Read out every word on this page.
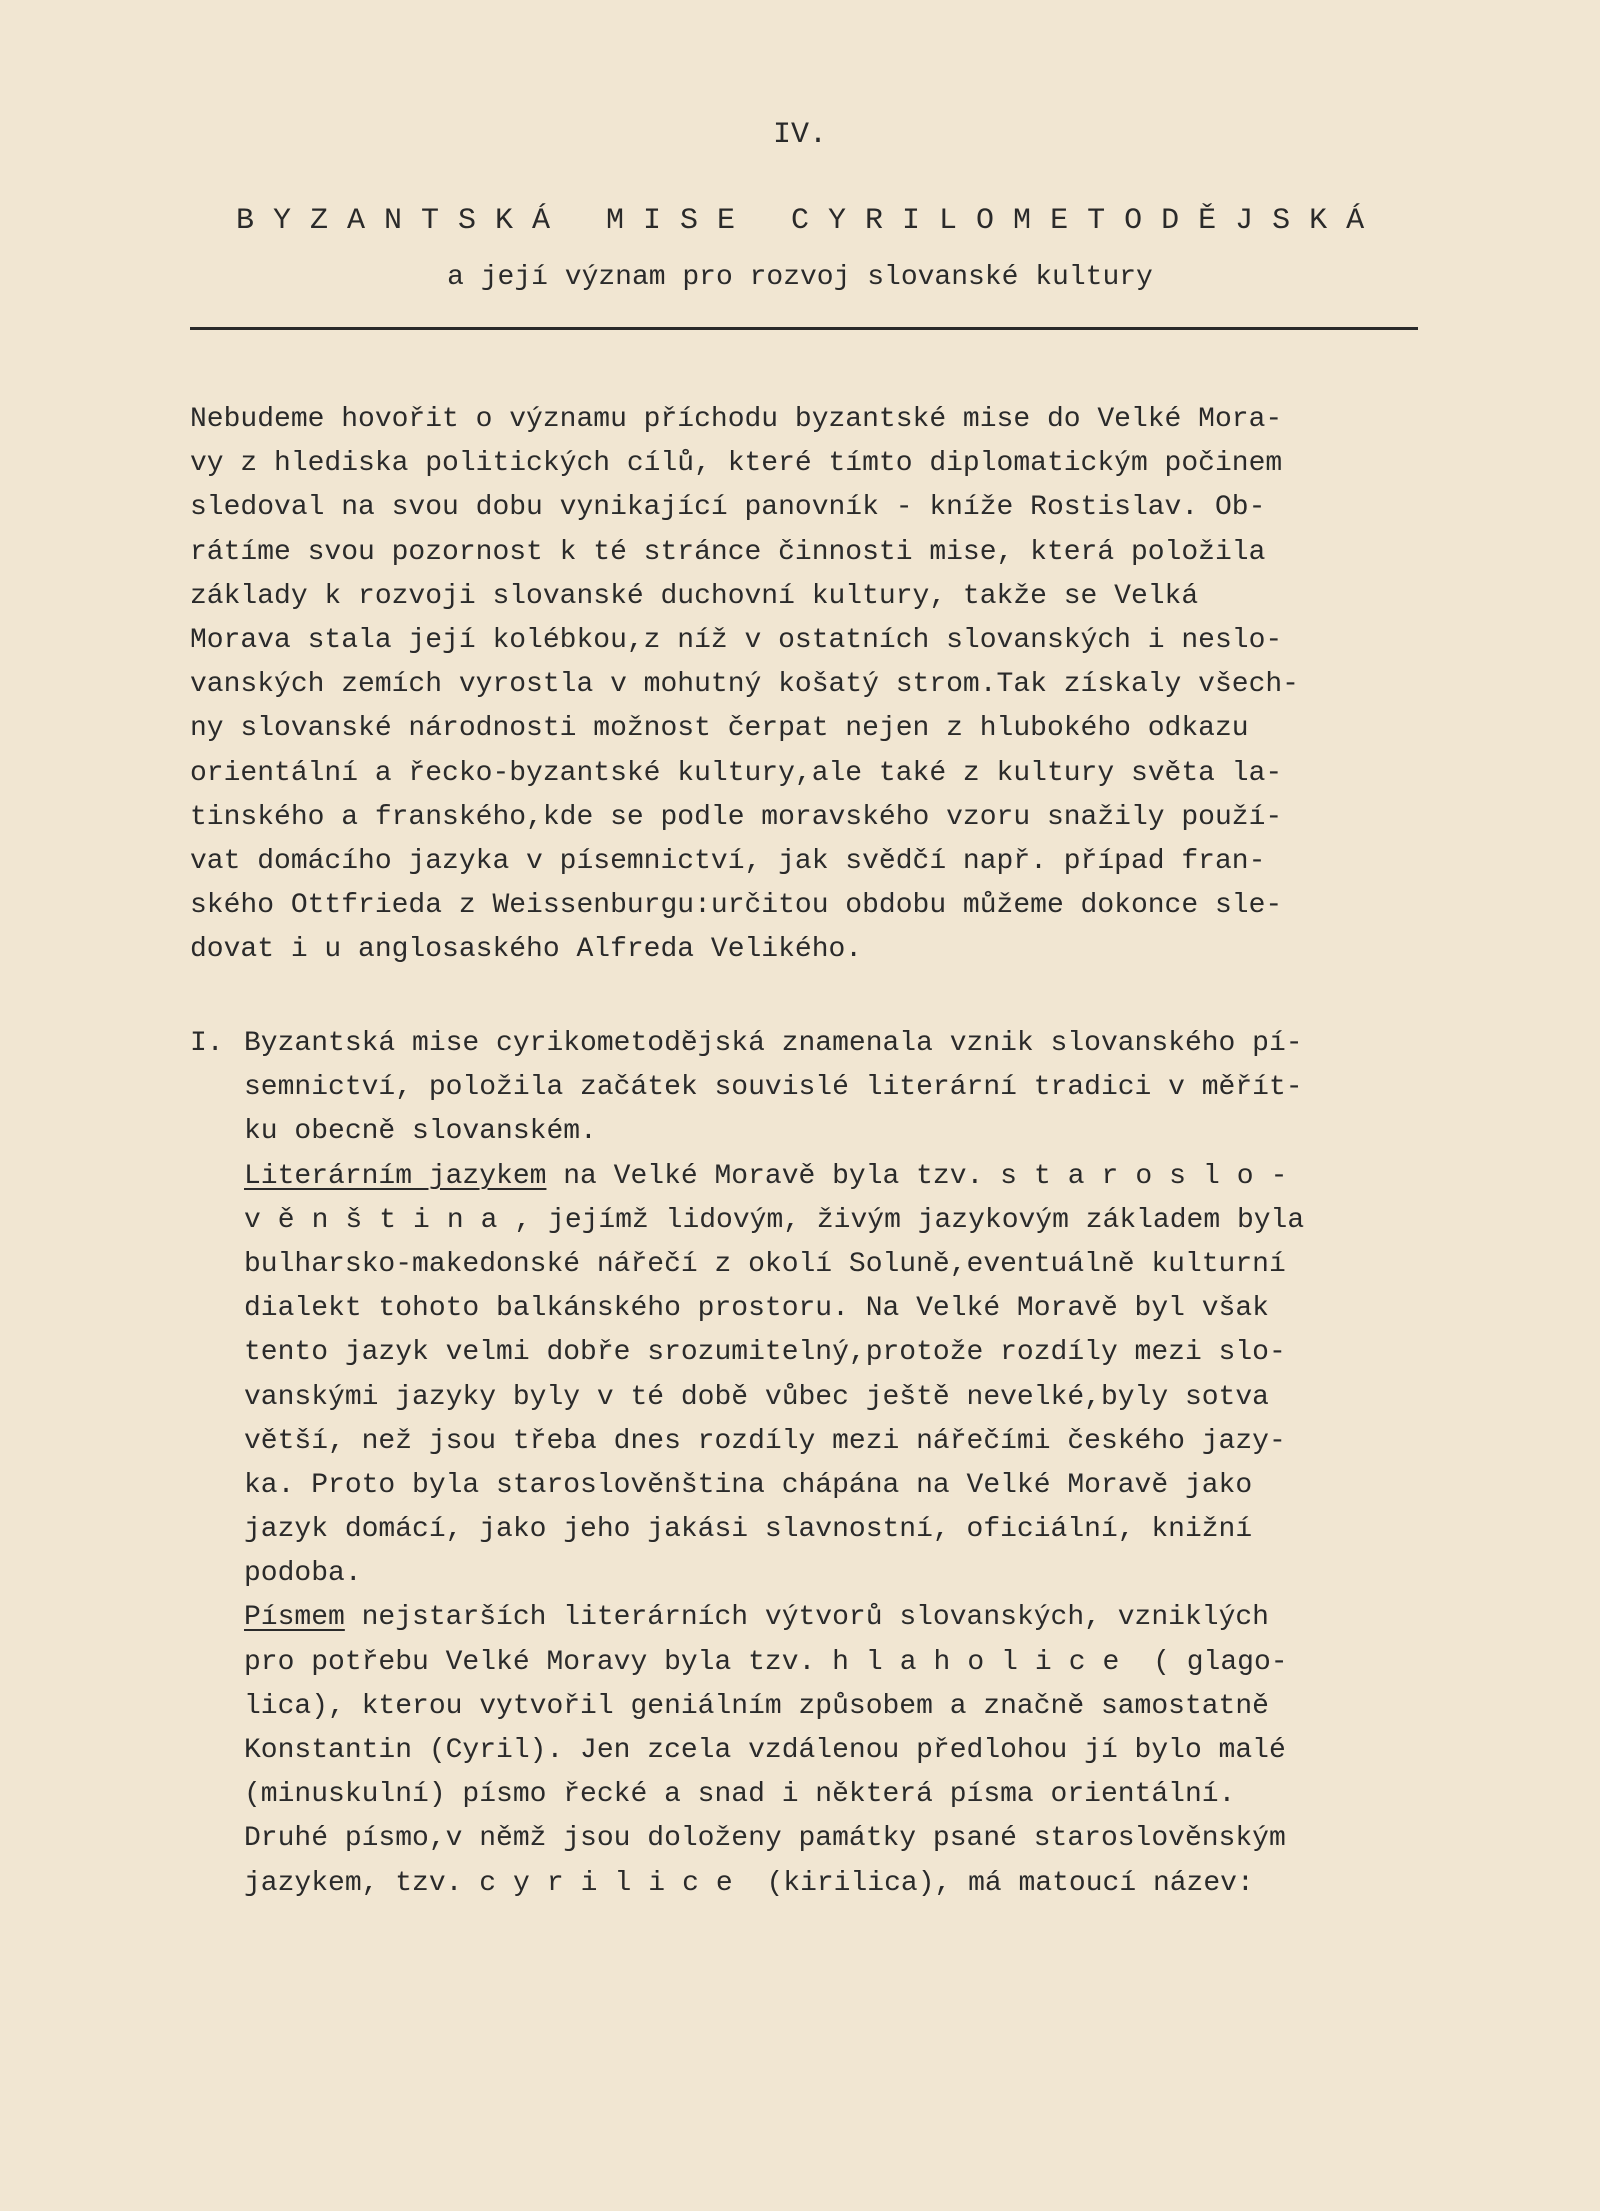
IV.
BYZANTSKÁ MISE CYRILOMETODĚJSKÁ
a její význam pro rozvoj slovanské kultury
Nebudeme hovořit o významu příchodu byzantské mise do Velké Mora-
vy z hlediska politických cílů, které tímto diplomatickým počinem
sledoval na svou dobu vynikající panovník - kníže Rostislav. Ob-
rátíme svou pozornost k té stránce činnosti mise, která položila
základy k rozvoji slovanské duchovní kultury, takže se Velká
Morava stala její kolébkou,z níž v ostatních slovanských i neslo-
vanských zemích vyrostla v mohutný košatý strom.Tak získaly všech-
ny slovanské národnosti možnost čerpat nejen z hlubokého odkazu
orientální a řecko-byzantské kultury,ale také z kultury světa la-
tinského a franského,kde se podle moravského vzoru snažily použí-
vat domácího jazyka v písemnictví, jak svědčí např. případ fran-
ského Ottfrieda z Weissenburgu:určitou obdobu můžeme dokonce sle-
dovat i u anglosaského Alfreda Velikého.
I. Byzantská mise cyrikometodějská znamenala vznik slovanského pí-
semnictví, položila začátek souvislé literární tradici v měřít-
ku obecně slovanském.
Literárním jazykem na Velké Moravě byla tzv. staroslo-
věnština, jejímž lidovým, živým jazykovým základem byla
bulharsko-makedonské nářečí z okolí Soluně,eventuálně kulturní
dialekt tohoto balkánského prostoru. Na Velké Moravě byl však
tento jazyk velmi dobře srozumitelný,protože rozdíly mezi slo-
vanskými jazyky byly v té době vůbec ještě nevelké,byly sotva
větší, než jsou třeba dnes rozdíly mezi nářečími českého jazy-
ka. Proto byla staroslověnština chápána na Velké Moravě jako
jazyk domácí, jako jeho jakási slavnostní, oficiální, knižní
podoba.
Písmem nejstarších literárních výtvorů slovanských, vzniklých
pro potřebu Velké Moravy byla tzv. hlaholice ( glago-
lica), kterou vytvořil geniálním způsobem a značně samostatně
Konstantin (Cyril). Jen zcela vzdálenou předlohou jí bylo malé
(minuskulní) písmo řecké a snad i některá písma orientální.
Druhé písmo,v němž jsou doloženy památky psané staroslověnským
jazykem, tzv. cyrilice (kirilica), má matoucí název:
